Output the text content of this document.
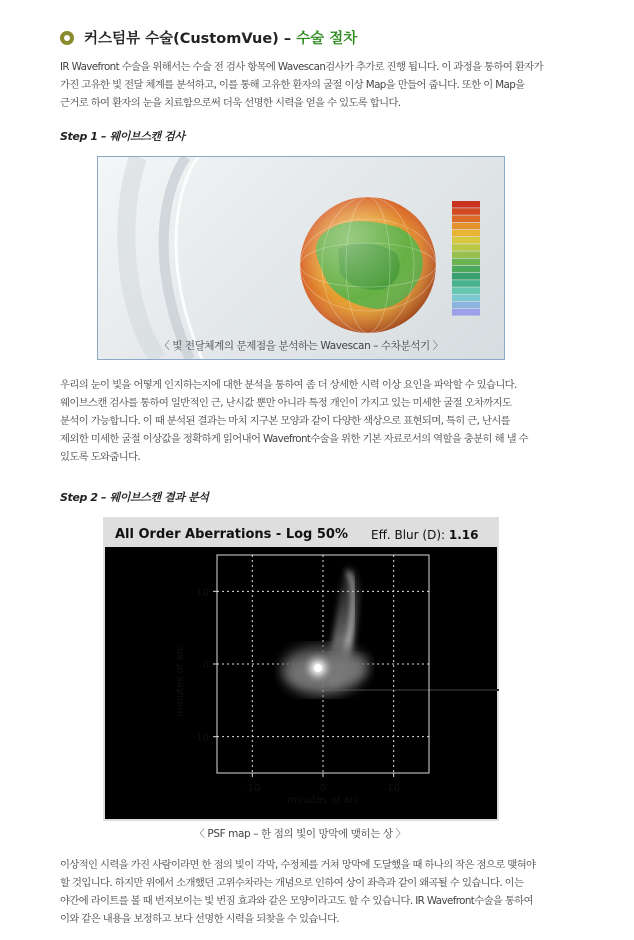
커스텀뷰 수술(CustomVue) – 수술 절차

IR Wavefront 수술을 위해서는 수술 전 검사 항목에 Wavescan검사가 추가로 진행 됩니다. 이 과정을 통하여 환자가

가진 고유한 빛 전달 체계를 분석하고, 이를 통해 고유한 환자의 굴절 이상 Map을 만들어 줍니다. 또한 이 Map을

근거로 하여 환자의 눈을 치료함으로써 더욱 선명한 시력을 얻을 수 있도록 합니다.

Step 1 – 웨이브스캔 검사
〈 빛 전달체계의 문제점을 분석하는 Wavescan – 수차분석기 〉

우리의 눈이 빛을 어떻게 인지하는지에 대한 분석을 통하여 좀 더 상세한 시력 이상 요인을 파악할 수 있습니다.

웨이브스캔 검사를 통하여 일반적인 근, 난시값 뿐만 아니라 특정 개인이 가지고 있는 미세한 굴절 오차까지도

분석이 가능합니다. 이 때 분석된 결과는 마치 지구본 모양과 같이 다양한 색상으로 표현되며, 특히 근, 난시를

제외한 미세한 굴절 이상값을 정확하게 읽어내어 Wavefront수술을 위한 기본 자료로서의 역할을 충분히 해 낼 수

있도록 도와줍니다.

Step 2 – 웨이브스캔 결과 분석
All Order Aberrations - Log 50% Eff. Blur (D): 1.16
minutes of arc
minutes of arc
-10	0	10
10
0
-10
〈 PSF map – 한 점의 빛이 망막에 맺히는 상 〉

이상적인 시력을 가진 사람이라면 한 점의 빛이 각막, 수정체를 거쳐 망막에 도달했을 때 하나의 작은 점으로 맺혀야

할 것입니다. 하지만 위에서 소개했던 고위수차라는 개념으로 인하여 상이 좌측과 같이 왜곡될 수 있습니다. 이는

야간에 라이트를 볼 때 번져보이는 빛 번짐 효과와 같은 모양이라고도 할 수 있습니다. IR Wavefront수술을 통하여

이와 같은 내용을 보정하고 보다 선명한 시력을 되찾을 수 있습니다.
